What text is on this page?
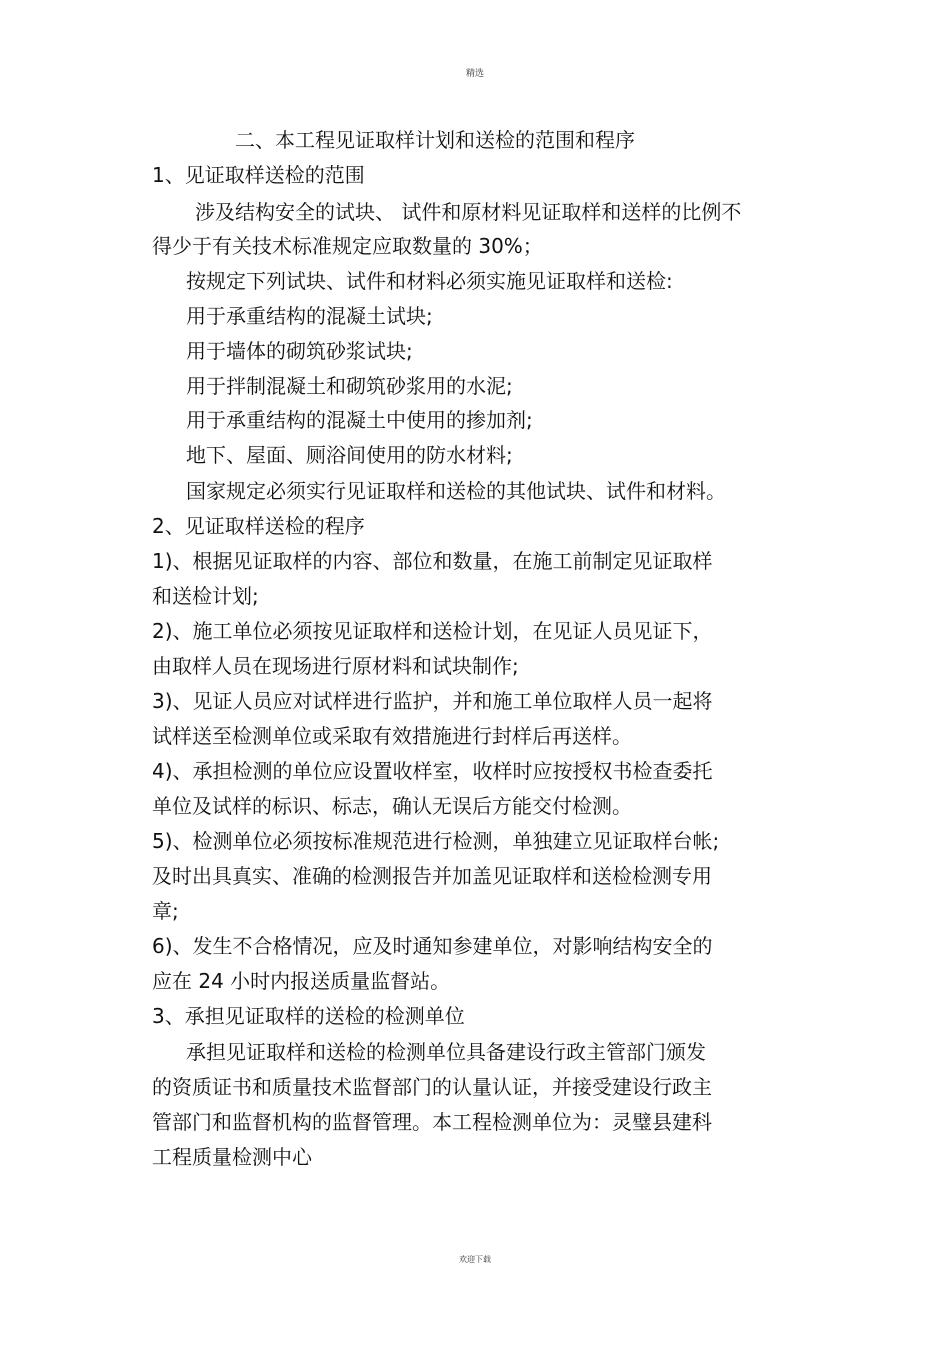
精选
二、本工程见证取样计划和送检的范围和程序
1、见证取样送检的范围
涉及结构安全的试块、 试件和原材料见证取样和送样的比例不
得少于有关技术标准规定应取数量的 30%；
按规定下列试块、试件和材料必须实施见证取样和送检:
用于承重结构的混凝土试块;
用于墙体的砌筑砂浆试块;
用于拌制混凝土和砌筑砂浆用的水泥;
用于承重结构的混凝土中使用的掺加剂;
地下、屋面、厕浴间使用的防水材料;
国家规定必须实行见证取样和送检的其他试块、试件和材料。
2、见证取样送检的程序
1)、根据见证取样的内容、部位和数量，在施工前制定见证取样
和送检计划;
2)、施工单位必须按见证取样和送检计划，在见证人员见证下，
由取样人员在现场进行原材料和试块制作;
3)、见证人员应对试样进行监护，并和施工单位取样人员一起将
试样送至检测单位或采取有效措施进行封样后再送样。
4)、承担检测的单位应设置收样室，收样时应按授权书检查委托
单位及试样的标识、标志，确认无误后方能交付检测。
5)、检测单位必须按标准规范进行检测，单独建立见证取样台帐;
及时出具真实、准确的检测报告并加盖见证取样和送检检测专用
章;
6)、发生不合格情况，应及时通知参建单位，对影响结构安全的
应在 24 小时内报送质量监督站。
3、承担见证取样的送检的检测单位
承担见证取样和送检的检测单位具备建设行政主管部门颁发
的资质证书和质量技术监督部门的认量认证，并接受建设行政主
管部门和监督机构的监督管理。本工程检测单位为：灵璧县建科
工程质量检测中心
欢迎下载
